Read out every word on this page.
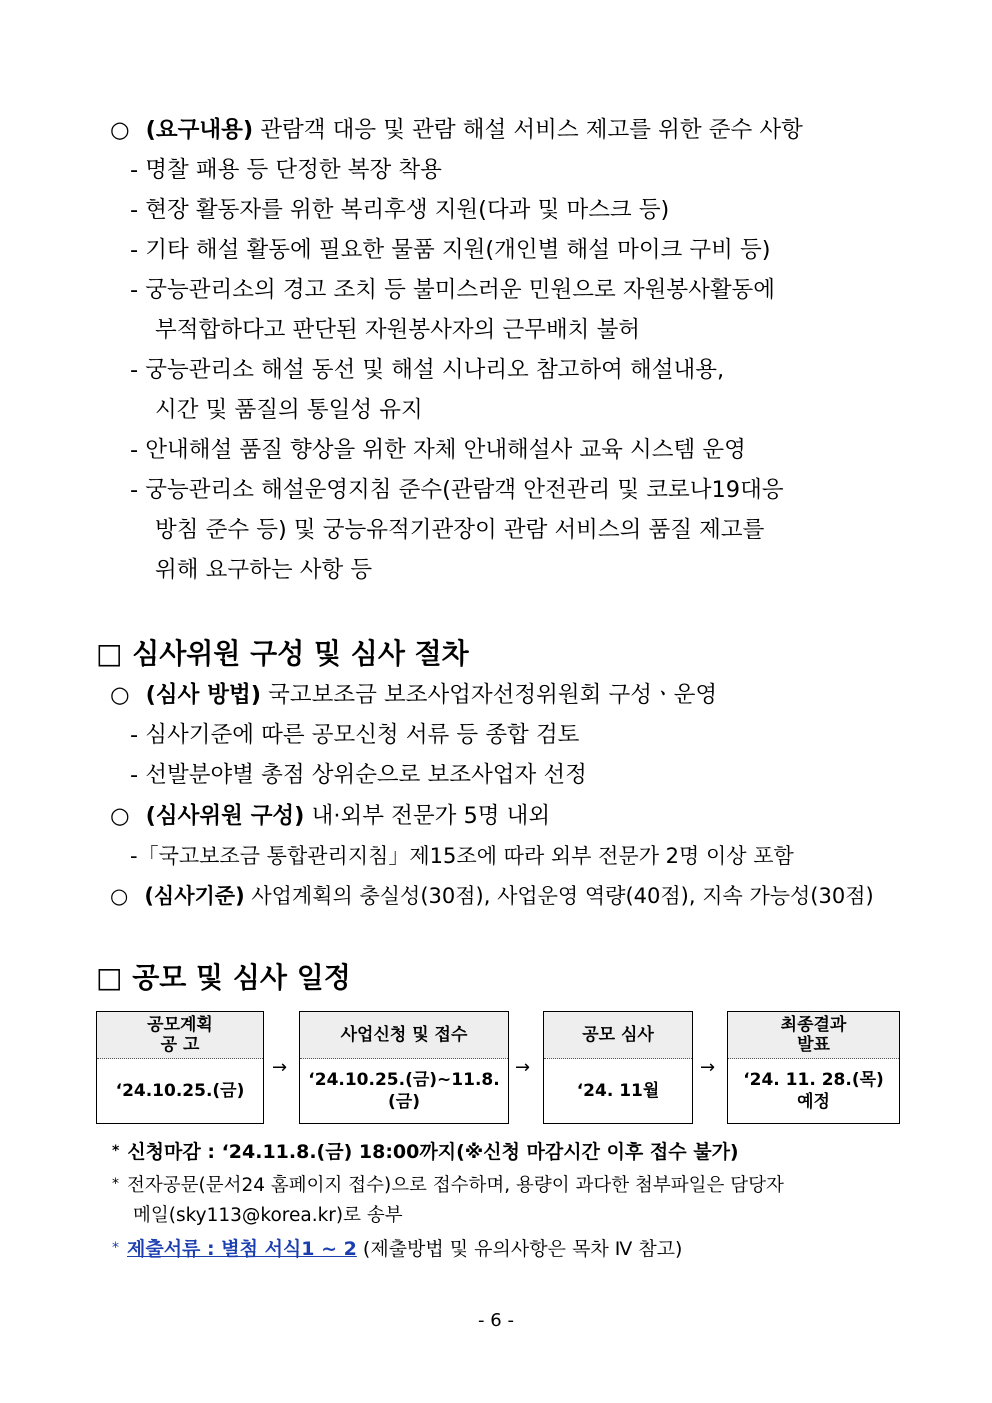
○ (요구내용) 관람객 대응 및 관람 해설 서비스 제고를 위한 준수 사항
- 명찰 패용 등 단정한 복장 착용
- 현장 활동자를 위한 복리후생 지원(다과 및 마스크 등)
- 기타 해설 활동에 필요한 물품 지원(개인별 해설 마이크 구비 등)
- 궁능관리소의 경고 조치 등 불미스러운 민원으로 자원봉사활동에
부적합하다고 판단된 자원봉사자의 근무배치 불허
- 궁능관리소 해설 동선 및 해설 시나리오 참고하여 해설내용,
시간 및 품질의 통일성 유지
- 안내해설 품질 향상을 위한 자체 안내해설사 교육 시스템 운영
- 궁능관리소 해설운영지침 준수(관람객 안전관리 및 코로나19대응
방침 준수 등) 및 궁능유적기관장이 관람 서비스의 품질 제고를
위해 요구하는 사항 등
□ 심사위원 구성 및 심사 절차
○ (심사 방법) 국고보조금 보조사업자선정위원회 구성ㆍ운영
- 심사기준에 따른 공모신청 서류 등 종합 검토
- 선발분야별 총점 상위순으로 보조사업자 선정
○ (심사위원 구성) 내·외부 전문가 5명 내외
-「국고보조금 통합관리지침」제15조에 따라 외부 전문가 2명 이상 포함
○ (심사기준) 사업계획의 충실성(30점), 사업운영 역량(40점), 지속 가능성(30점)
□ 공모 및 심사 일정
공모계획
공 고
‘24.10.25.(금)
→
사업신청 및 접수
‘24.10.25.(금)~11.8.(금)
→
공모 심사
‘24. 11월
→
최종결과
발표
‘24. 11. 28.(목)
예정
* 신청마감 : ‘24.11.8.(금) 18:00까지(※신청 마감시간 이후 접수 불가)
* 전자공문(문서24 홈페이지 접수)으로 접수하며, 용량이 과다한 첨부파일은 담당자
메일(sky113@korea.kr)로 송부
* 제출서류 : 별첨 서식1 ~ 2 (제출방법 및 유의사항은 목차 Ⅳ 참고)
- 6 -
